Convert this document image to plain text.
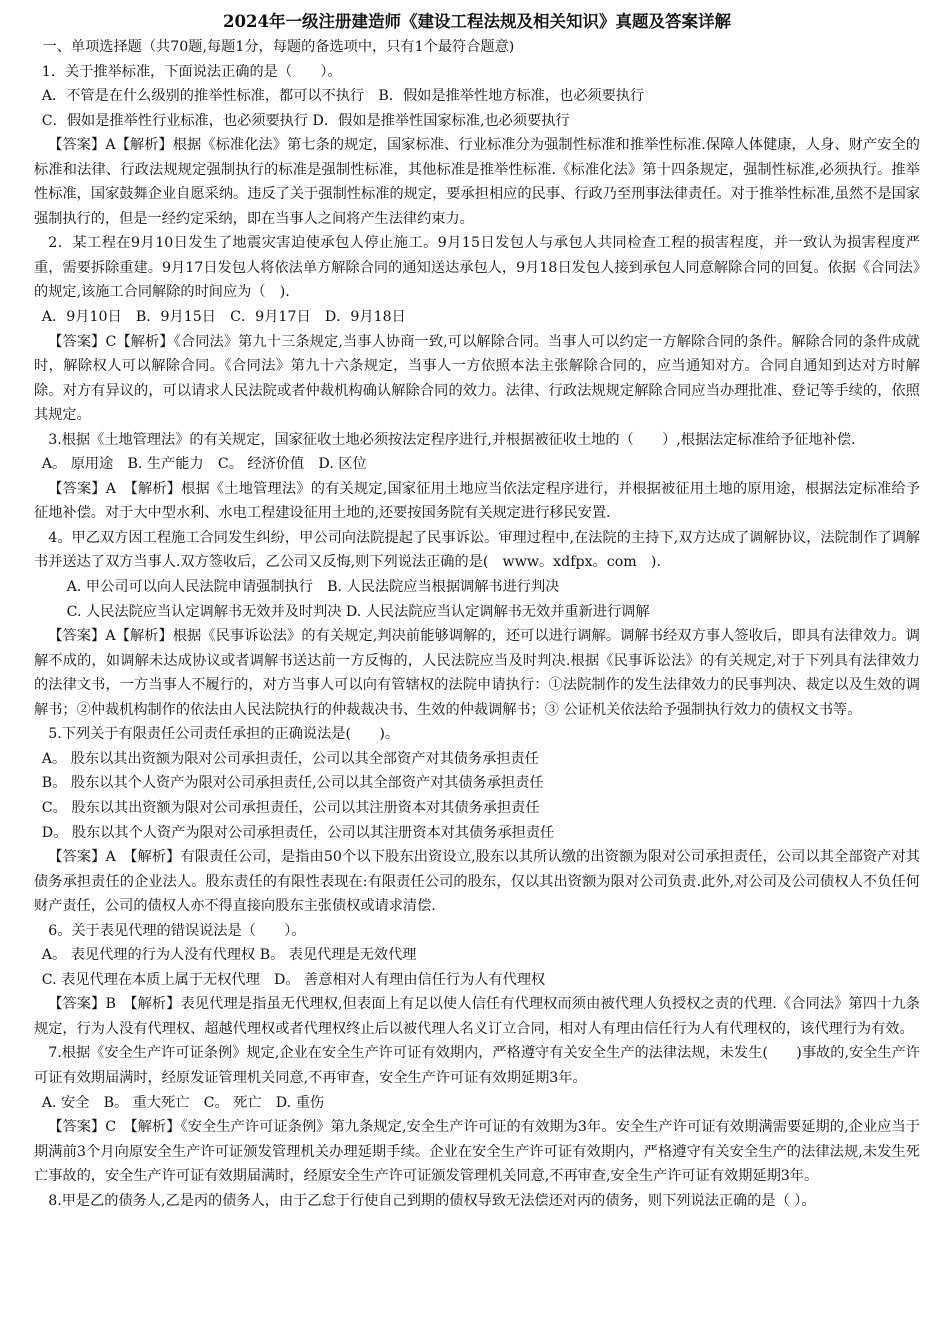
2024年一级注册建造师《建设工程法规及相关知识》真题及答案详解

一、单项选择题（共70题,每题1分，每题的备选项中，只有1个最符合题意)

1．关于推举标准，下面说法正确的是（　　）。

A．不管是在什么级别的推举性标准，都可以不执行　B．假如是推举性地方标准，也必须要执行

C．假如是推举性行业标准，也必须要执行 D．假如是推举性国家标准,也必须要执行

【答案】A【解析】根据《标准化法》第七条的规定，国家标准、行业标准分为强制性标准和推举性标准.保障人体健康，人身、财产安全的标准和法律、行政法规规定强制执行的标准是强制性标准，其他标准是推举性标准.《标准化法》第十四条规定，强制性标准,必须执行。推举性标准，国家鼓舞企业自愿采纳。违反了关于强制性标准的规定，要承担相应的民事、行政乃至刑事法律责任。对于推举性标准,虽然不是国家强制执行的，但是一经约定采纳，即在当事人之间将产生法律约束力。

2．某工程在9月10日发生了地震灾害迫使承包人停止施工。9月15日发包人与承包人共同检查工程的损害程度，并一致认为损害程度严重，需要拆除重建。9月17日发包人将依法单方解除合同的通知送达承包人，9月18日发包人接到承包人同意解除合同的回复。依据《合同法》的规定,该施工合同解除的时间应为（　).

A．9月10日　B．9月15日　C．9月17日　D．9月18日

【答案】C【解析】《合同法》第九十三条规定,当事人协商一致,可以解除合同。当事人可以约定一方解除合同的条件。解除合同的条件成就时，解除权人可以解除合同。《合同法》第九十六条规定，当事人一方依照本法主张解除合同的，应当通知对方。合同自通知到达对方时解除。对方有异议的，可以请求人民法院或者仲裁机构确认解除合同的效力。法律、行政法规规定解除合同应当办理批准、登记等手续的，依照其规定。

3.根据《土地管理法》的有关规定，国家征收土地必须按法定程序进行,并根据被征收土地的（　　）,根据法定标准给予征地补偿.

A。 原用途　B. 生产能力　C。 经济价值　D. 区位

【答案】A　【解析】根据《土地管理法》的有关规定,国家征用土地应当依法定程序进行，并根据被征用土地的原用途，根据法定标准给予征地补偿。对于大中型水利、水电工程建设征用土地的,还要按国务院有关规定进行移民安置.

4。甲乙双方因工程施工合同发生纠纷，甲公司向法院提起了民事诉讼。审理过程中,在法院的主持下,双方达成了调解协议，法院制作了调解书并送达了双方当事人.双方签收后，乙公司又反悔,则下列说法正确的是(　www。xdfpx。com　).

A. 甲公司可以向人民法院申请强制执行　B. 人民法院应当根据调解书进行判决

C. 人民法院应当认定调解书无效并及时判决 D. 人民法院应当认定调解书无效并重新进行调解

【答案】A【解析】根据《民事诉讼法》的有关规定,判决前能够调解的，还可以进行调解。调解书经双方事人签收后，即具有法律效力。调解不成的，如调解未达成协议或者调解书送达前一方反悔的，人民法院应当及时判决.根据《民事诉讼法》的有关规定,对于下列具有法律效力的法律文书，一方当事人不履行的，对方当事人可以向有管辖权的法院申请执行：①法院制作的发生法律效力的民事判决、裁定以及生效的调解书；②仲裁机构制作的依法由人民法院执行的仲裁裁决书、生效的仲裁调解书；③ 公证机关依法给予强制执行效力的债权文书等。

5.下列关于有限责任公司责任承担的正确说法是(　　)。

A。 股东以其出资额为限对公司承担责任，公司以其全部资产对其债务承担责任

B。 股东以其个人资产为限对公司承担责任,公司以其全部资产对其债务承担责任

C。 股东以其出资额为限对公司承担责任，公司以其注册资本对其债务承担责任

D。 股东以其个人资产为限对公司承担责任，公司以其注册资本对其债务承担责任

【答案】A　【解析】有限责任公司，是指由50个以下股东出资设立,股东以其所认缴的出资额为限对公司承担责任，公司以其全部资产对其债务承担责任的企业法人。股东责任的有限性表现在:有限责任公司的股东，仅以其出资额为限对公司负责.此外,对公司及公司债权人不负任何财产责任，公司的债权人亦不得直接向股东主张债权或请求清偿.

6。关于表见代理的错误说法是（　　）。

A。 表见代理的行为人没有代理权 B。 表见代理是无效代理

C. 表见代理在本质上属于无权代理　D。 善意相对人有理由信任行为人有代理权

【答案】B　【解析】表见代理是指虽无代理权,但表面上有足以使人信任有代理权而须由被代理人负授权之责的代理.《合同法》第四十九条规定，行为人没有代理权、超越代理权或者代理权终止后以被代理人名义订立合同，相对人有理由信任行为人有代理权的，该代理行为有效。

7.根据《安全生产许可证条例》规定,企业在安全生产许可证有效期内，严格遵守有关安全生产的法律法规，未发生(　　)事故的,安全生产许可证有效期届满时，经原发证管理机关同意,不再审查，安全生产许可证有效期延期3年。

A. 安全　B。 重大死亡　C。 死亡　D. 重伤

【答案】C　【解析】《安全生产许可证条例》第九条规定,安全生产许可证的有效期为3年。安全生产许可证有效期满需要延期的,企业应当于期满前3个月向原安全生产许可证颁发管理机关办理延期手续。企业在安全生产许可证有效期内，严格遵守有关安全生产的法律法规,未发生死亡事故的，安全生产许可证有效期届满时，经原安全生产许可证颁发管理机关同意,不再审查,安全生产许可证有效期延期3年。

8.甲是乙的债务人,乙是丙的债务人，由于乙怠于行使自己到期的债权导致无法偿还对丙的债务，则下列说法正确的是（ ）。
